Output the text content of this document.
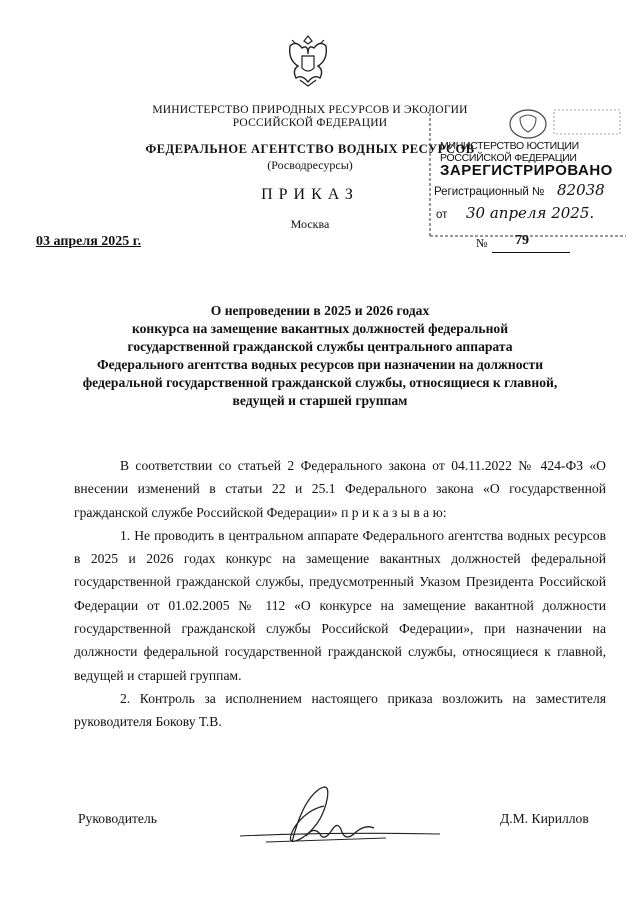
МИНИСТЕРСТВО ПРИРОДНЫХ РЕСУРСОВ И ЭКОЛОГИИ
РОССИЙСКОЙ ФЕДЕРАЦИИ
ФЕДЕРАЛЬНОЕ АГЕНТСТВО ВОДНЫХ РЕСУРСОВ
(Росводресурсы)
ПРИКАЗ
Москва
03 апреля 2025 г.	№ 79
МИНИСТЕРСТВО ЮСТИЦИИ РОССИЙСКОЙ ФЕДЕРАЦИИ
ЗАРЕГИСТРИРОВАНО
Регистрационный № 82038
от 30 апреля 2025.
О непроведении в 2025 и 2026 годах
конкурса на замещение вакантных должностей федеральной
государственной гражданской службы центрального аппарата
Федерального агентства водных ресурсов при назначении на должности
федеральной государственной гражданской службы, относящиеся к главной,
ведущей и старшей группам

В соответствии со статьей 2 Федерального закона от 04.11.2022 № 424-ФЗ «О внесении изменений в статьи 22 и 25.1 Федерального закона «О государственной гражданской службе Российской Федерации» п р и к а з ы в а ю:

1. Не проводить в центральном аппарате Федерального агентства водных ресурсов в 2025 и 2026 годах конкурс на замещение вакантных должностей федеральной государственной гражданской службы, предусмотренный Указом Президента Российской Федерации от 01.02.2005 № 112 «О конкурсе на замещение вакантной должности государственной гражданской службы Российской Федерации», при назначении на должности федеральной государственной гражданской службы, относящиеся к главной, ведущей и старшей группам.

2. Контроль за исполнением настоящего приказа возложить на заместителя руководителя Бокову Т.В.

Руководитель	Д.М. Кириллов
